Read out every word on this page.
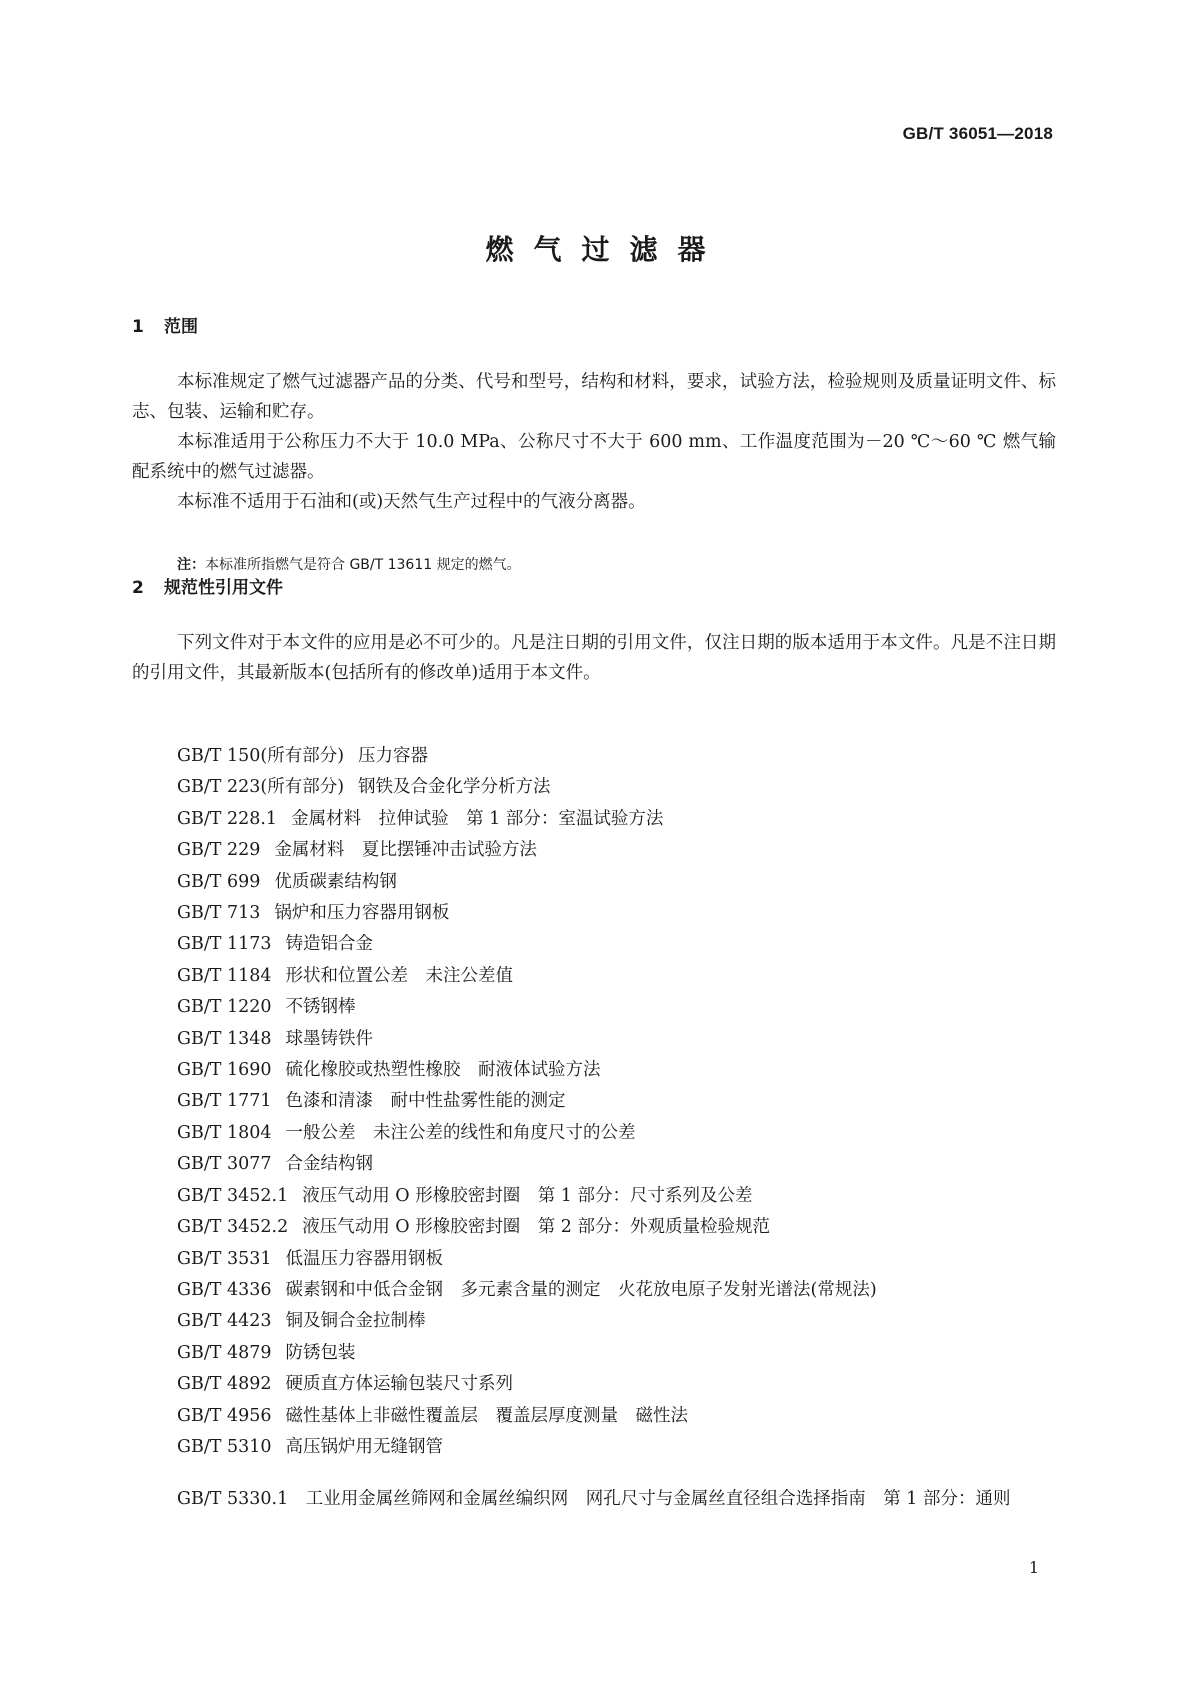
GB/T 36051—2018
燃气过滤器
1 范围

本标准规定了燃气过滤器产品的分类、代号和型号，结构和材料，要求，试验方法，检验规则及质量证明文件、标志、包装、运输和贮存。

本标准适用于公称压力不大于 10.0 MPa、公称尺寸不大于 600 mm、工作温度范围为－20 ℃～60 ℃ 燃气输配系统中的燃气过滤器。

本标准不适用于石油和(或)天然气生产过程中的气液分离器。

注：本标准所指燃气是符合 GB/T 13611 规定的燃气。
2 规范性引用文件

下列文件对于本文件的应用是必不可少的。凡是注日期的引用文件，仅注日期的版本适用于本文件。凡是不注日期的引用文件，其最新版本(包括所有的修改单)适用于本文件。

GB/T 150(所有部分) 压力容器
GB/T 223(所有部分) 钢铁及合金化学分析方法
GB/T 228.1 金属材料　拉伸试验　第 1 部分：室温试验方法
GB/T 229 金属材料　夏比摆锤冲击试验方法
GB/T 699 优质碳素结构钢
GB/T 713 锅炉和压力容器用钢板
GB/T 1173 铸造铝合金
GB/T 1184 形状和位置公差　未注公差值
GB/T 1220 不锈钢棒
GB/T 1348 球墨铸铁件
GB/T 1690 硫化橡胶或热塑性橡胶　耐液体试验方法
GB/T 1771 色漆和清漆　耐中性盐雾性能的测定
GB/T 1804 一般公差　未注公差的线性和角度尺寸的公差
GB/T 3077 合金结构钢
GB/T 3452.1 液压气动用 O 形橡胶密封圈　第 1 部分：尺寸系列及公差
GB/T 3452.2 液压气动用 O 形橡胶密封圈　第 2 部分：外观质量检验规范
GB/T 3531 低温压力容器用钢板
GB/T 4336 碳素钢和中低合金钢　多元素含量的测定　火花放电原子发射光谱法(常规法)
GB/T 4423 铜及铜合金拉制棒
GB/T 4879 防锈包装
GB/T 4892 硬质直方体运输包装尺寸系列
GB/T 4956 磁性基体上非磁性覆盖层　覆盖层厚度测量　磁性法
GB/T 5310 高压锅炉用无缝钢管

GB/T 5330.1　工业用金属丝筛网和金属丝编织网　网孔尺寸与金属丝直径组合选择指南　第 1 部分：通则

1
